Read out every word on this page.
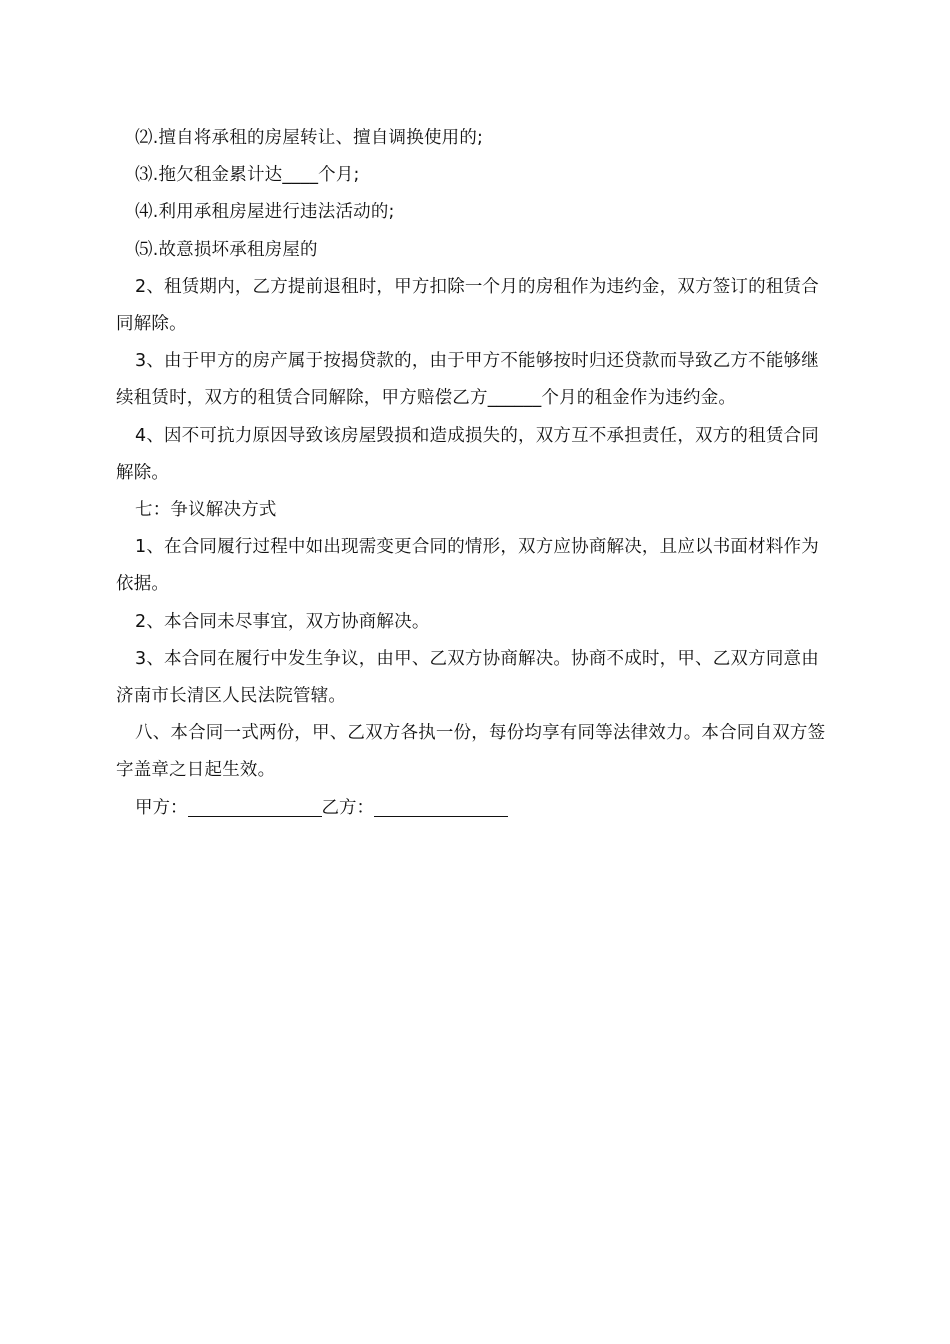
⑵.擅自将承租的房屋转让、擅自调换使用的;

⑶.拖欠租金累计达____个月;

⑷.利用承租房屋进行违法活动的;

⑸.故意损坏承租房屋的

2、租赁期内，乙方提前退租时，甲方扣除一个月的房租作为违约金，双方签订的租赁合同解除。

3、由于甲方的房产属于按揭贷款的，由于甲方不能够按时归还贷款而导致乙方不能够继续租赁时，双方的租赁合同解除，甲方赔偿乙方______个月的租金作为违约金。

4、因不可抗力原因导致该房屋毁损和造成损失的，双方互不承担责任，双方的租赁合同解除。

七：争议解决方式

1、在合同履行过程中如出现需变更合同的情形，双方应协商解决，且应以书面材料作为依据。

2、本合同未尽事宜，双方协商解决。

3、本合同在履行中发生争议，由甲、乙双方协商解决。协商不成时，甲、乙双方同意由济南市长清区人民法院管辖。

八、本合同一式两份，甲、乙双方各执一份，每份均享有同等法律效力。本合同自双方签字盖章之日起生效。

甲方：	乙方：
